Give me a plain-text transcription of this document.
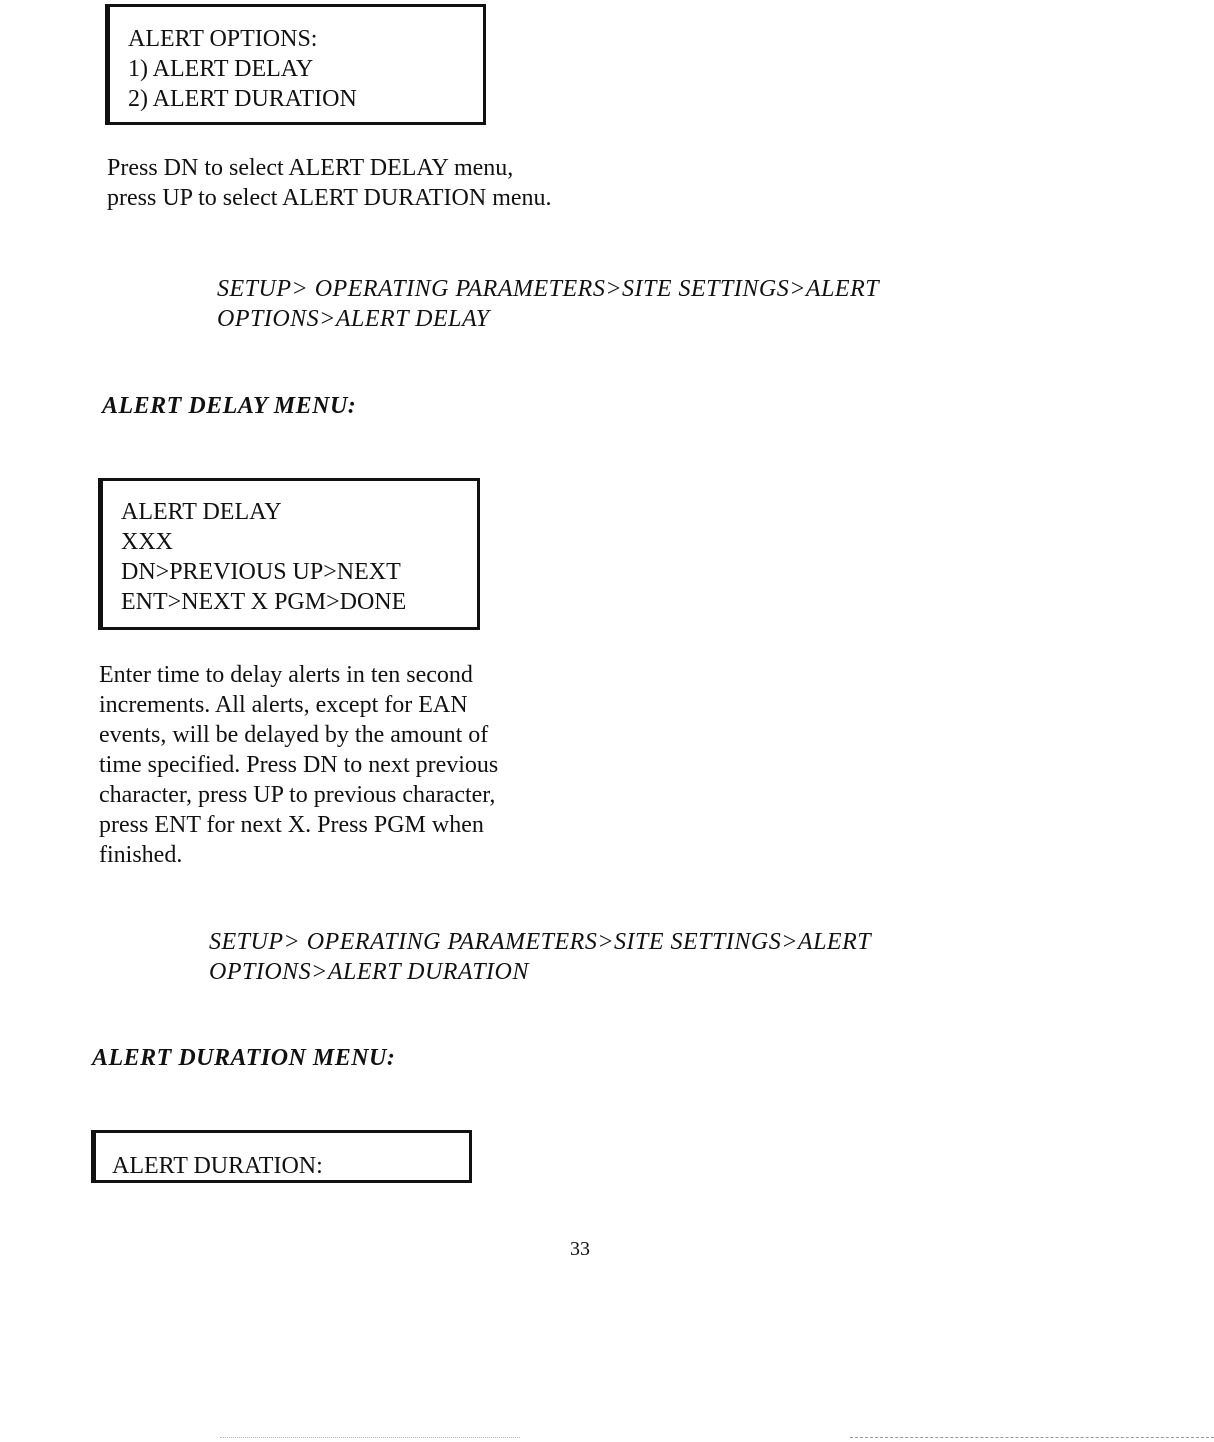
ALERT OPTIONS:
1) ALERT DELAY
2) ALERT DURATION
Press DN to select ALERT DELAY menu,
press UP to select ALERT DURATION menu.
SETUP> OPERATING PARAMETERS>SITE SETTINGS>ALERT
OPTIONS>ALERT DELAY
ALERT DELAY MENU:
ALERT DELAY
XXX
DN>PREVIOUS UP>NEXT
ENT>NEXT X PGM>DONE
Enter time to delay alerts in ten second
increments. All alerts, except for EAN
events, will be delayed by the amount of
time specified. Press DN to next previous
character, press UP to previous character,
press ENT for next X. Press PGM when
finished.
SETUP> OPERATING PARAMETERS>SITE SETTINGS>ALERT
OPTIONS>ALERT DURATION
ALERT DURATION MENU:
ALERT DURATION:
33
